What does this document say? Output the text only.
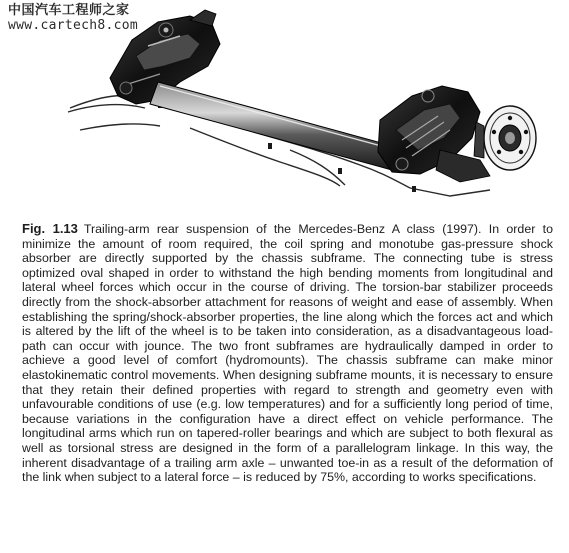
中国汽车工程师之家
www.cartech8.com
Fig. 1.13 Trailing-arm rear suspension of the Mercedes-Benz A class (1997). In order to minimize the amount of room required, the coil spring and monotube gas-pressure shock absorber are directly supported by the chassis subframe. The connecting tube is stress optimized oval shaped in order to withstand the high bending moments from longitudinal and lateral wheel forces which occur in the course of driving. The torsion-bar stabilizer proceeds directly from the shock-absorber attachment for reasons of weight and ease of assembly. When establishing the spring/shock-absorber properties, the line along which the forces act and which is altered by the lift of the wheel is to be taken into consideration, as a disadvantageous load-path can occur with jounce. The two front subframes are hydraulically damped in order to achieve a good level of comfort (hydromounts). The chassis subframe can make minor elastokinematic control movements. When designing subframe mounts, it is necessary to ensure that they retain their defined properties with regard to strength and geometry even with unfavourable conditions of use (e.g. low temperatures) and for a sufficiently long period of time, because variations in the configuration have a direct effect on vehicle performance. The longitudinal arms which run on tapered-roller bearings and which are subject to both flexural as well as torsional stress are designed in the form of a parallelogram linkage. In this way, the inherent disadvantage of a trailing arm axle – unwanted toe-in as a result of the deformation of the link when subject to a lateral force – is reduced by 75%, according to works specifications.
